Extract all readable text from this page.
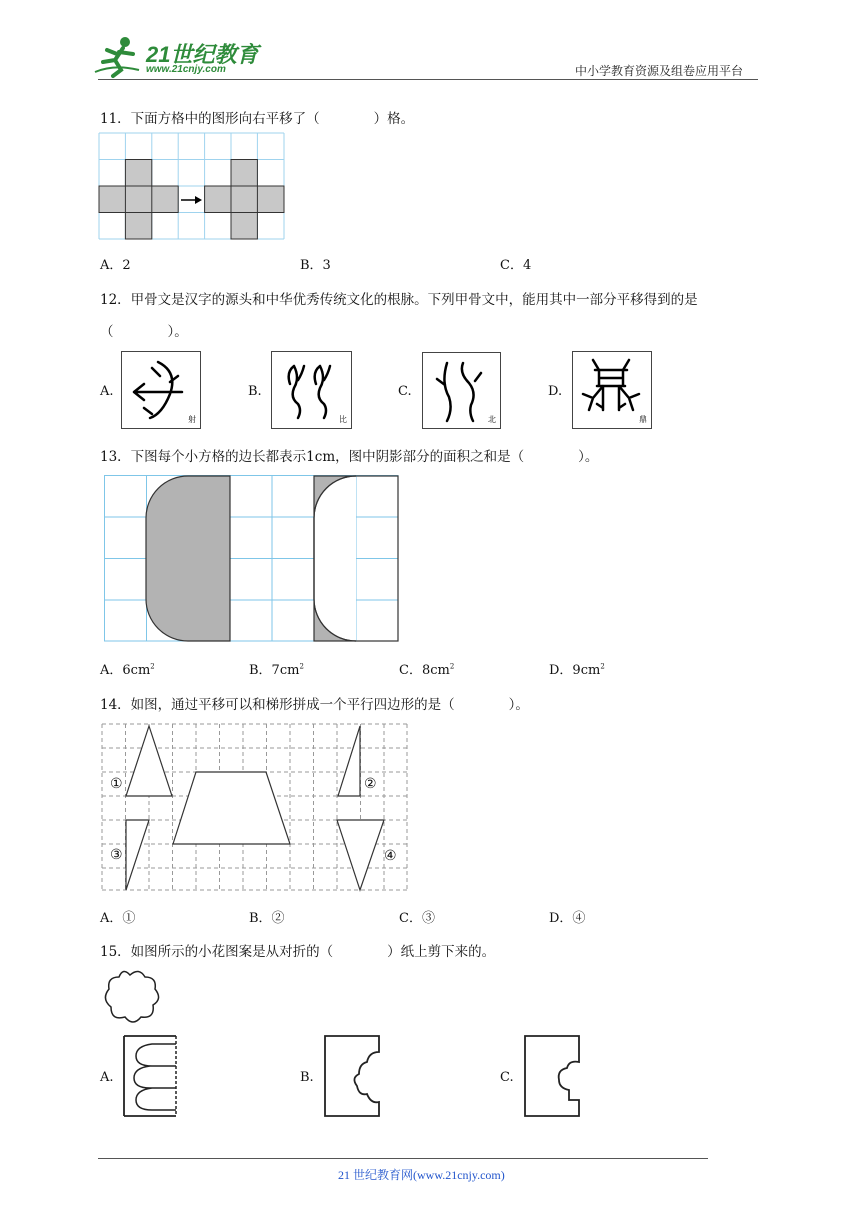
21世纪教育
www.21cnjy.com	中小学教育资源及组卷应用平台
11．下面方格中的图形向右平移了（　　　　）格。
A．2	B．3	C．4
12．甲骨文是汉字的源头和中华优秀传统文化的根脉。下列甲骨文中，能用其中一部分平移得到的是
（　　　　）。
A.
射
B.
比
C.
北
D.
鼎
13．下图每个小方格的边长都表示1cm，图中阴影部分的面积之和是（　　　　）。
A．$6cm^2$	B．$7cm^2$	C．$8cm^2$	D．$9cm^2$
14．如图，通过平移可以和梯形拼成一个平行四边形的是（　　　　）。
①	②
③	④
A．①	B．②	C．③	D．④
15．如图所示的小花图案是从对折的（　　　　）纸上剪下来的。
A.	B.	C.
21 世纪教育网(www.21cnjy.com)
